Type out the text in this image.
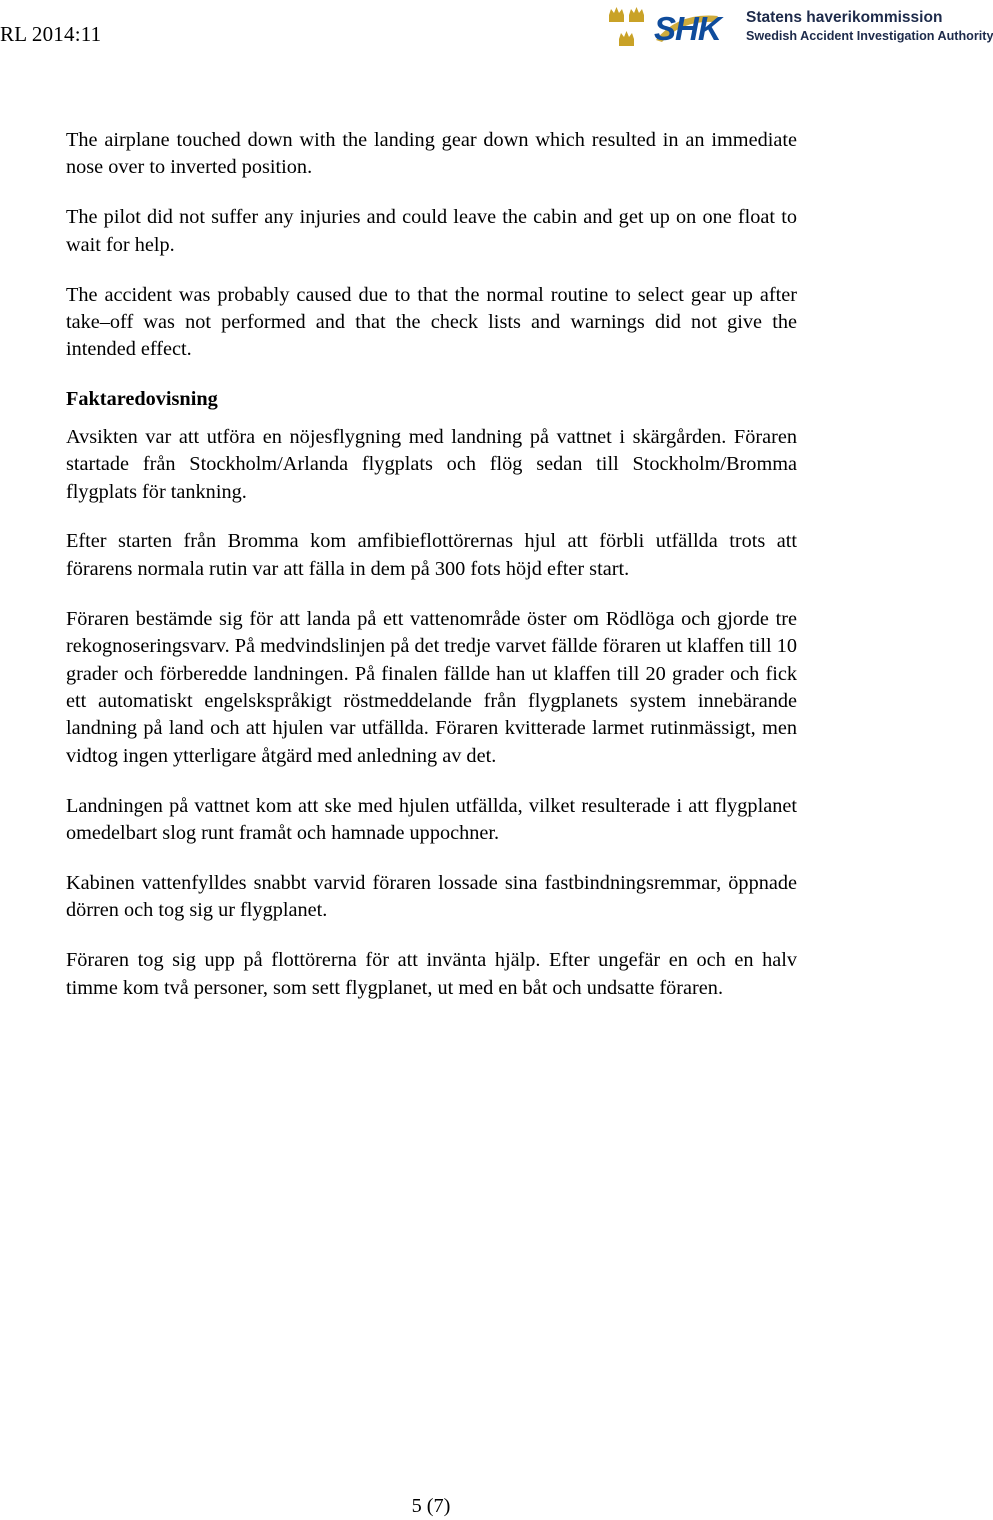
RL 2014:11	SHK	Statens haverikommission
Swedish Accident Investigation Authority

The airplane touched down with the landing gear down which resulted in an immediate nose over to inverted position.

The pilot did not suffer any injuries and could leave the cabin and get up on one float to wait for help.

The accident was probably caused due to that the normal routine to select gear up after take–off was not performed and that the check lists and warnings did not give the intended effect.

Faktaredovisning

Avsikten var att utföra en nöjesflygning med landning på vattnet i skärgården. Föraren startade från Stockholm/Arlanda flygplats och flög sedan till Stockholm/Bromma flygplats för tankning.

Efter starten från Bromma kom amfibieflottörernas hjul att förbli utfällda trots att förarens normala rutin var att fälla in dem på 300 fots höjd efter start.

Föraren bestämde sig för att landa på ett vattenområde öster om Rödlöga och gjorde tre rekognoseringsvarv. På medvindslinjen på det tredje varvet fällde föraren ut klaffen till 10 grader och förberedde landningen. På finalen fällde han ut klaffen till 20 grader och fick ett automatiskt engelskspråkigt röstmeddelande från flygplanets system innebärande landning på land och att hjulen var utfällda. Föraren kvitterade larmet rutinmässigt, men vidtog ingen ytterligare åtgärd med anledning av det.

Landningen på vattnet kom att ske med hjulen utfällda, vilket resulterade i att flygplanet omedelbart slog runt framåt och hamnade uppochner.

Kabinen vattenfylldes snabbt varvid föraren lossade sina fastbindningsremmar, öppnade dörren och tog sig ur flygplanet.

Föraren tog sig upp på flottörerna för att invänta hjälp. Efter ungefär en och en halv timme kom två personer, som sett flygplanet, ut med en båt och undsatte föraren.

5 (7)
